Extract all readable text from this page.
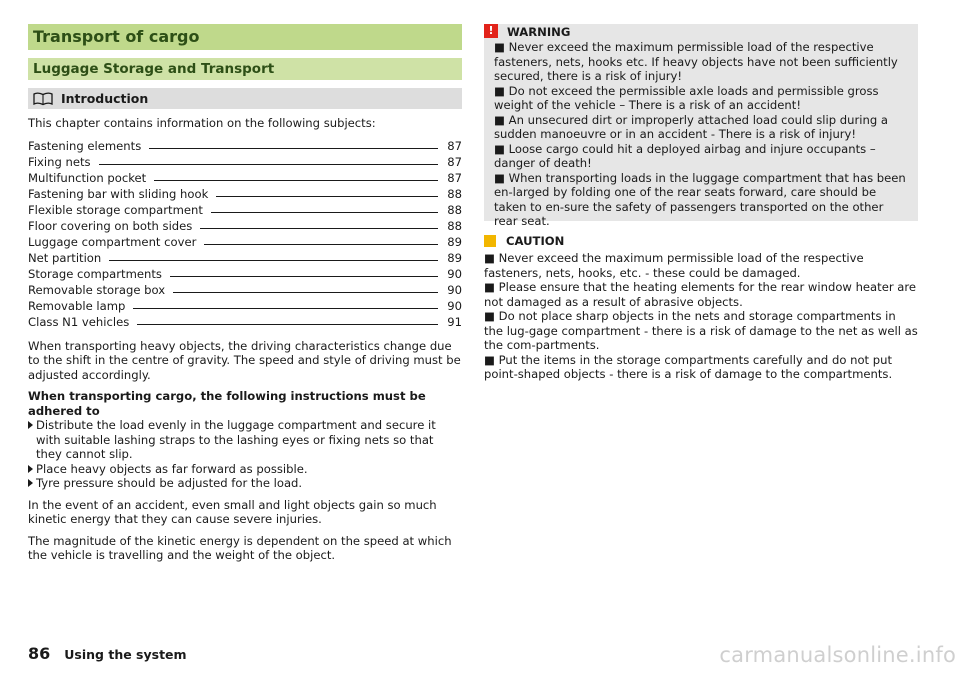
Transport of cargo
Luggage Storage and Transport
Introduction

This chapter contains information on the following subjects:

Fastening elements	87
Fixing nets	87
Multifunction pocket	87
Fastening bar with sliding hook	88
Flexible storage compartment	88
Floor covering on both sides	88
Luggage compartment cover	89
Net partition	89
Storage compartments	90
Removable storage box	90
Removable lamp	90
Class N1 vehicles	91

When transporting heavy objects, the driving characteristics change due to the shift in the centre of gravity. The speed and style of driving must be adjusted accordingly.

When transporting cargo, the following instructions must be adhered to

Distribute the load evenly in the luggage compartment and secure it with suitable lashing straps to the lashing eyes or fixing nets so that they cannot slip.
Place heavy objects as far forward as possible.
Tyre pressure should be adjusted for the load.

In the event of an accident, even small and light objects gain so much kinetic energy that they can cause severe injuries.

The magnitude of the kinetic energy is dependent on the speed at which the vehicle is travelling and the weight of the object.

!	WARNING
■ Never exceed the maximum permissible load of the respective fasteners, nets, hooks etc. If heavy objects have not been sufficiently secured, there is a risk of injury!
■ Do not exceed the permissible axle loads and permissible gross weight of the vehicle – There is a risk of an accident!
■ An unsecured dirt or improperly attached load could slip during a sudden manoeuvre or in an accident - There is a risk of injury!
■ Loose cargo could hit a deployed airbag and injure occupants – danger of death!
■ When transporting loads in the luggage compartment that has been en-larged by folding one of the rear seats forward, care should be taken to en-sure the safety of passengers transported on the other rear seat.
CAUTION
■ Never exceed the maximum permissible load of the respective fasteners, nets, hooks, etc. - these could be damaged.
■ Please ensure that the heating elements for the rear window heater are not damaged as a result of abrasive objects.
■ Do not place sharp objects in the nets and storage compartments in the lug-gage compartment - there is a risk of damage to the net as well as the com-partments.
■ Put the items in the storage compartments carefully and do not put point-shaped objects - there is a risk of damage to the compartments.
86 Using the system	carmanualsonline.info
